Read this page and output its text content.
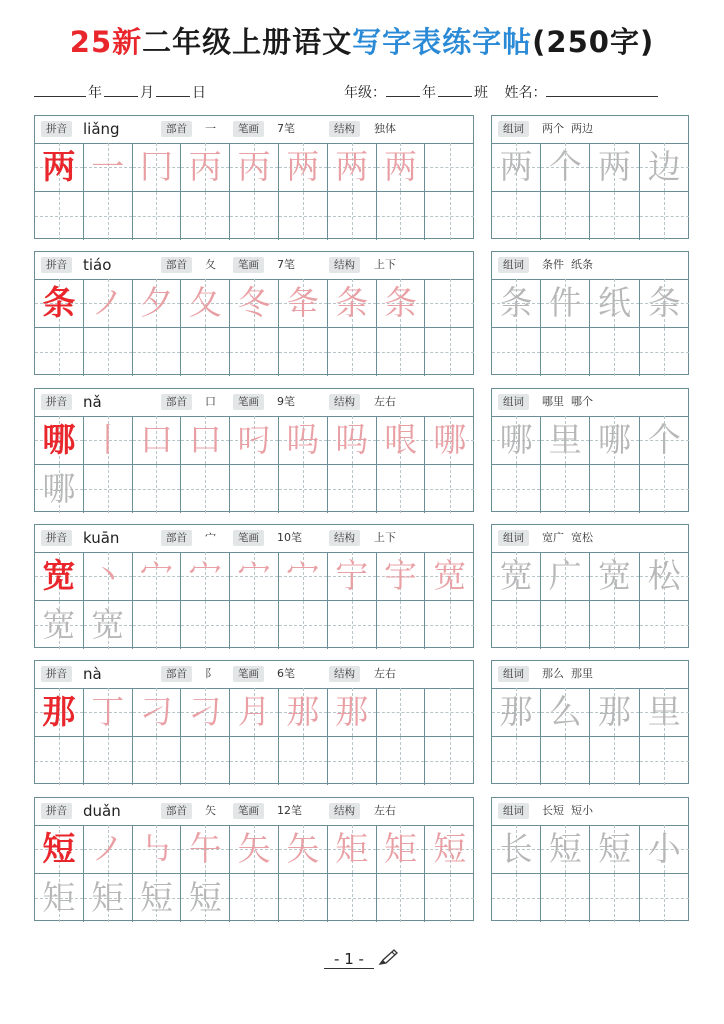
25新二年级上册语文写字表练字帖(250字)
年	月	日	年级：	年	班 姓名：
拼音	liǎng	部首	一	笔画	7笔	结构	独体
两 一 冂 丙 丙 两 两 两
组词	两个  两边
两 个 两 边
拼音	tiáo	部首	夂	笔画	7笔	结构	上下
条 ノ 夕 夂 冬 夅 条 条
组词	条件  纸条
条 件 纸 条
拼音	nǎ	部首	口	笔画	9笔	结构	左右
哪 丨 口 口 叼 吗 吗 哏 哪
哪
组词	哪里  哪个
哪 里 哪 个
拼音	kuān	部首	宀	笔画	10笔	结构	上下
宽 丶 宀 宀 宀 宀 宁 宇 宽
宽 宽
组词	宽广  宽松
宽 广 宽 松
拼音	nà	部首	阝	笔画	6笔	结构	左右
那 丁 刁 刁 月 那 那
组词	那么  那里
那 么 那 里
拼音	duǎn	部首	矢	笔画	12笔	结构	左右
短 ノ ㇉ 午 矢 矢 矩 矩 短
矩 矩 短 短
组词	长短  短小
长 短 短 小
- 1 -
